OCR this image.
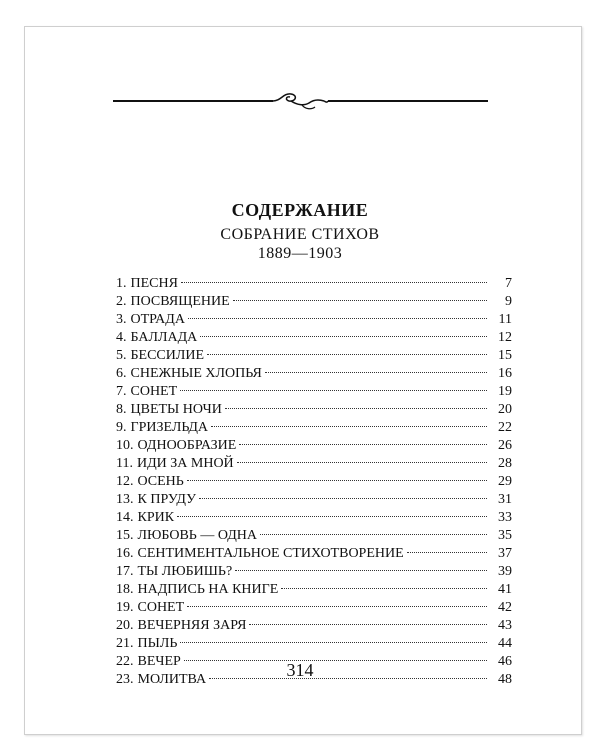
СОДЕРЖАНИЕ
СОБРАНИЕ СТИХОВ
1889—1903
1. ПЕСНЯ	7
2. ПОСВЯЩЕНИЕ	9
3. ОТРАДА	11
4. БАЛЛАДА	12
5. БЕССИЛИЕ	15
6. СНЕЖНЫЕ ХЛОПЬЯ	16
7. СОНЕТ	19
8. ЦВЕТЫ НОЧИ	20
9. ГРИЗЕЛЬДА	22
10. ОДНООБРАЗИЕ	26
11. ИДИ ЗА МНОЙ	28
12. ОСЕНЬ	29
13. К ПРУДУ	31
14. КРИК	33
15. ЛЮБОВЬ — ОДНА	35
16. СЕНТИМЕНТАЛЬНОЕ СТИХОТВОРЕНИЕ	37
17. ТЫ ЛЮБИШЬ?	39
18. НАДПИСЬ НА КНИГЕ	41
19. СОНЕТ	42
20. ВЕЧЕРНЯЯ ЗАРЯ	43
21. ПЫЛЬ	44
22. ВЕЧЕР	46
23. МОЛИТВА	48
314
